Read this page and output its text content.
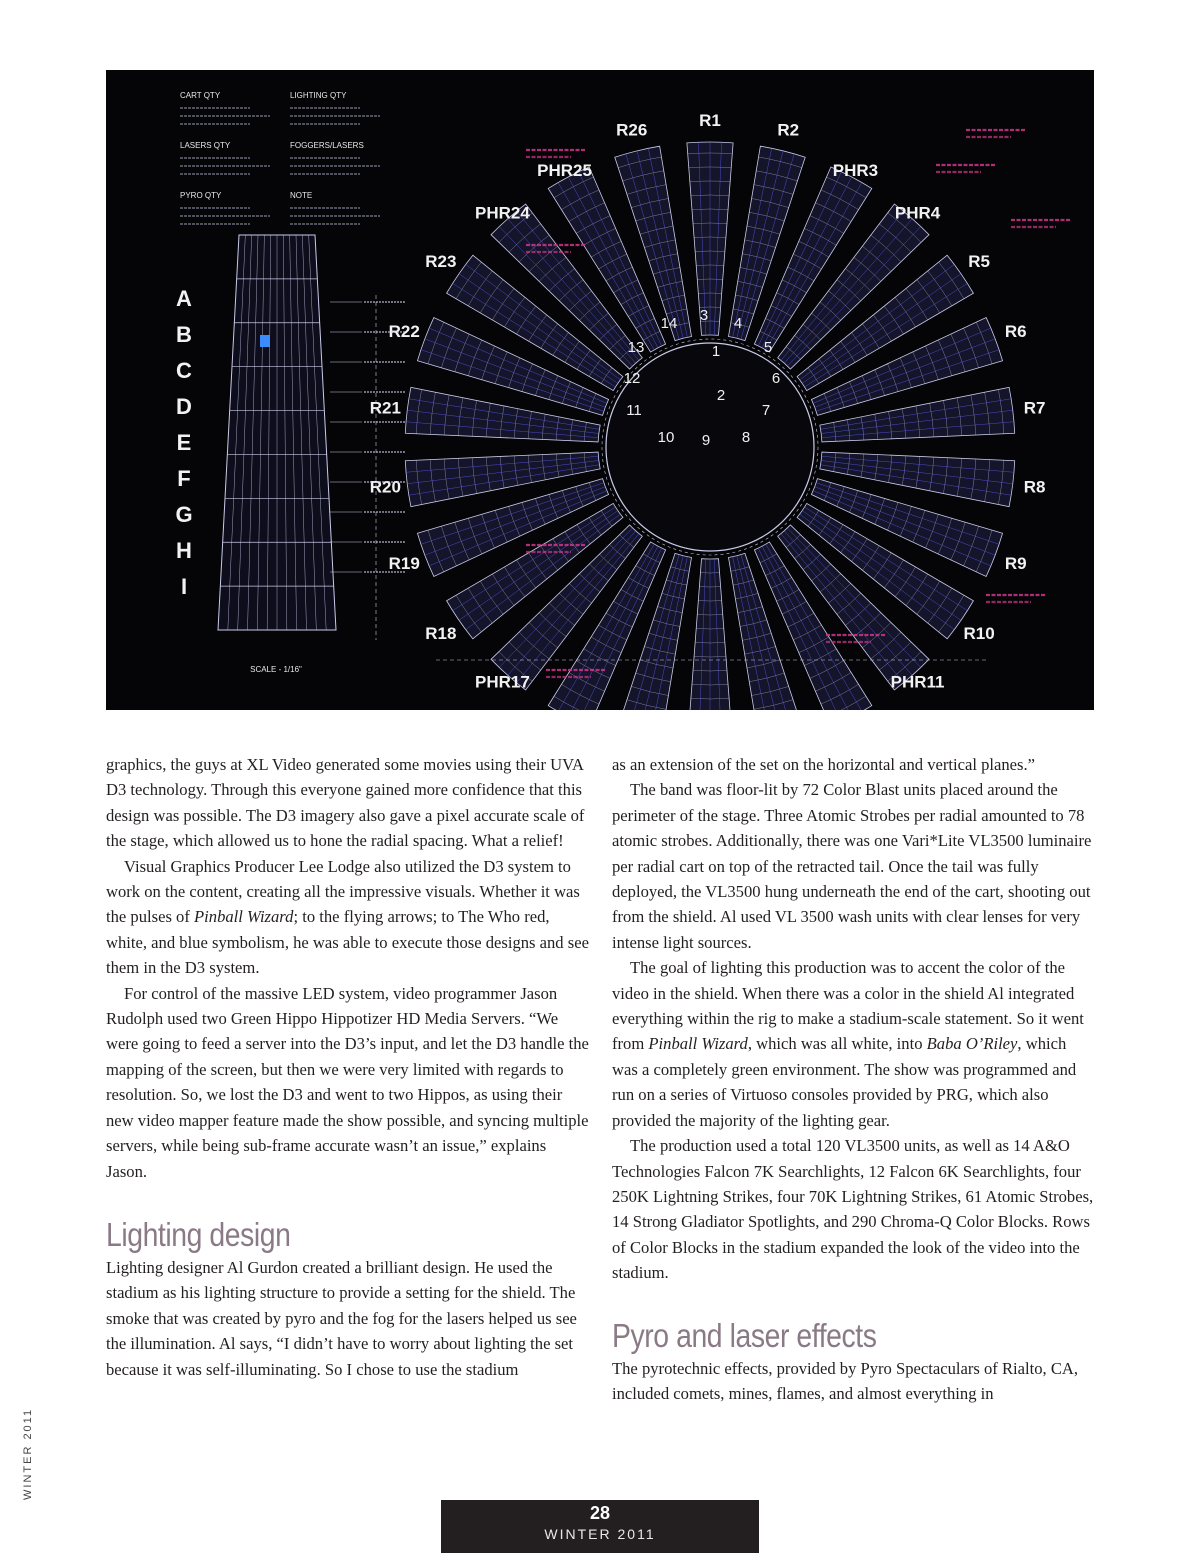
1
2
3 4
5
6
7
8
9
10
11
12
13
14
R1
R2
PHR3
PHR4
R5
R6
R7
R8
R9
R10
PHR11
PHR17
R18
R19
R20
R21
R22
R23
PHR24
PHR25
R26
A
B
C
D
E
F
G
H
I
CART QTY	LIGHTING QTY
LASERS QTY	FOGGERS/LASERS
PYRO QTY	NOTE
SCALE - 1/16"

graphics, the guys at XL Video generated some movies using their UVA D3 technology. Through this everyone gained more confidence that this design was possible. The D3 imagery also gave a pixel accurate scale of the stage, which allowed us to hone the radial spacing. What a relief!

Visual Graphics Producer Lee Lodge also utilized the D3 system to work on the content, creating all the impressive visuals. Whether it was the pulses of Pinball Wizard; to the flying arrows; to The Who red, white, and blue symbolism, he was able to execute those designs and see them in the D3 system.

For control of the massive LED system, video programmer Jason Rudolph used two Green Hippo Hippotizer HD Media Servers. “We were going to feed a server into the D3’s input, and let the D3 handle the mapping of the screen, but then we were very limited with regards to resolution. So, we lost the D3 and went to two Hippos, as using their new video mapper feature made the show possible, and syncing multiple servers, while being sub-frame accurate wasn’t an issue,” explains Jason.

Lighting design

Lighting designer Al Gurdon created a brilliant design. He used the stadium as his lighting structure to provide a setting for the shield. The smoke that was created by pyro and the fog for the lasers helped us see the illumination. Al says, “I didn’t have to worry about lighting the set because it was self-illuminating. So I chose to use the stadium

as an extension of the set on the horizontal and vertical planes.”

The band was floor-lit by 72 Color Blast units placed around the perimeter of the stage. Three Atomic Strobes per radial amounted to 78 atomic strobes. Additionally, there was one Vari*Lite VL3500 luminaire per radial cart on top of the retracted tail. Once the tail was fully deployed, the VL3500 hung underneath the end of the cart, shooting out from the shield. Al used VL 3500 wash units with clear lenses for very intense light sources.

The goal of lighting this production was to accent the color of the video in the shield. When there was a color in the shield Al integrated everything within the rig to make a stadium-scale statement. So it went from Pinball Wizard, which was all white, into Baba O’Riley, which was a completely green environment. The show was programmed and run on a series of Virtuoso consoles provided by PRG, which also provided the majority of the lighting gear.

The production used a total 120 VL3500 units, as well as 14 A&O Technologies Falcon 7K Searchlights, 12 Falcon 6K Searchlights, four 250K Lightning Strikes, four 70K Lightning Strikes, 61 Atomic Strobes, 14 Strong Gladiator Spotlights, and 290 Chroma-Q Color Blocks. Rows of Color Blocks in the stadium expanded the look of the video into the stadium.

Pyro and laser effects

The pyrotechnic effects, provided by Pyro Spectaculars of Rialto, CA, included comets, mines, flames, and almost everything in

WINTER 2011
28
WINTER 2011
